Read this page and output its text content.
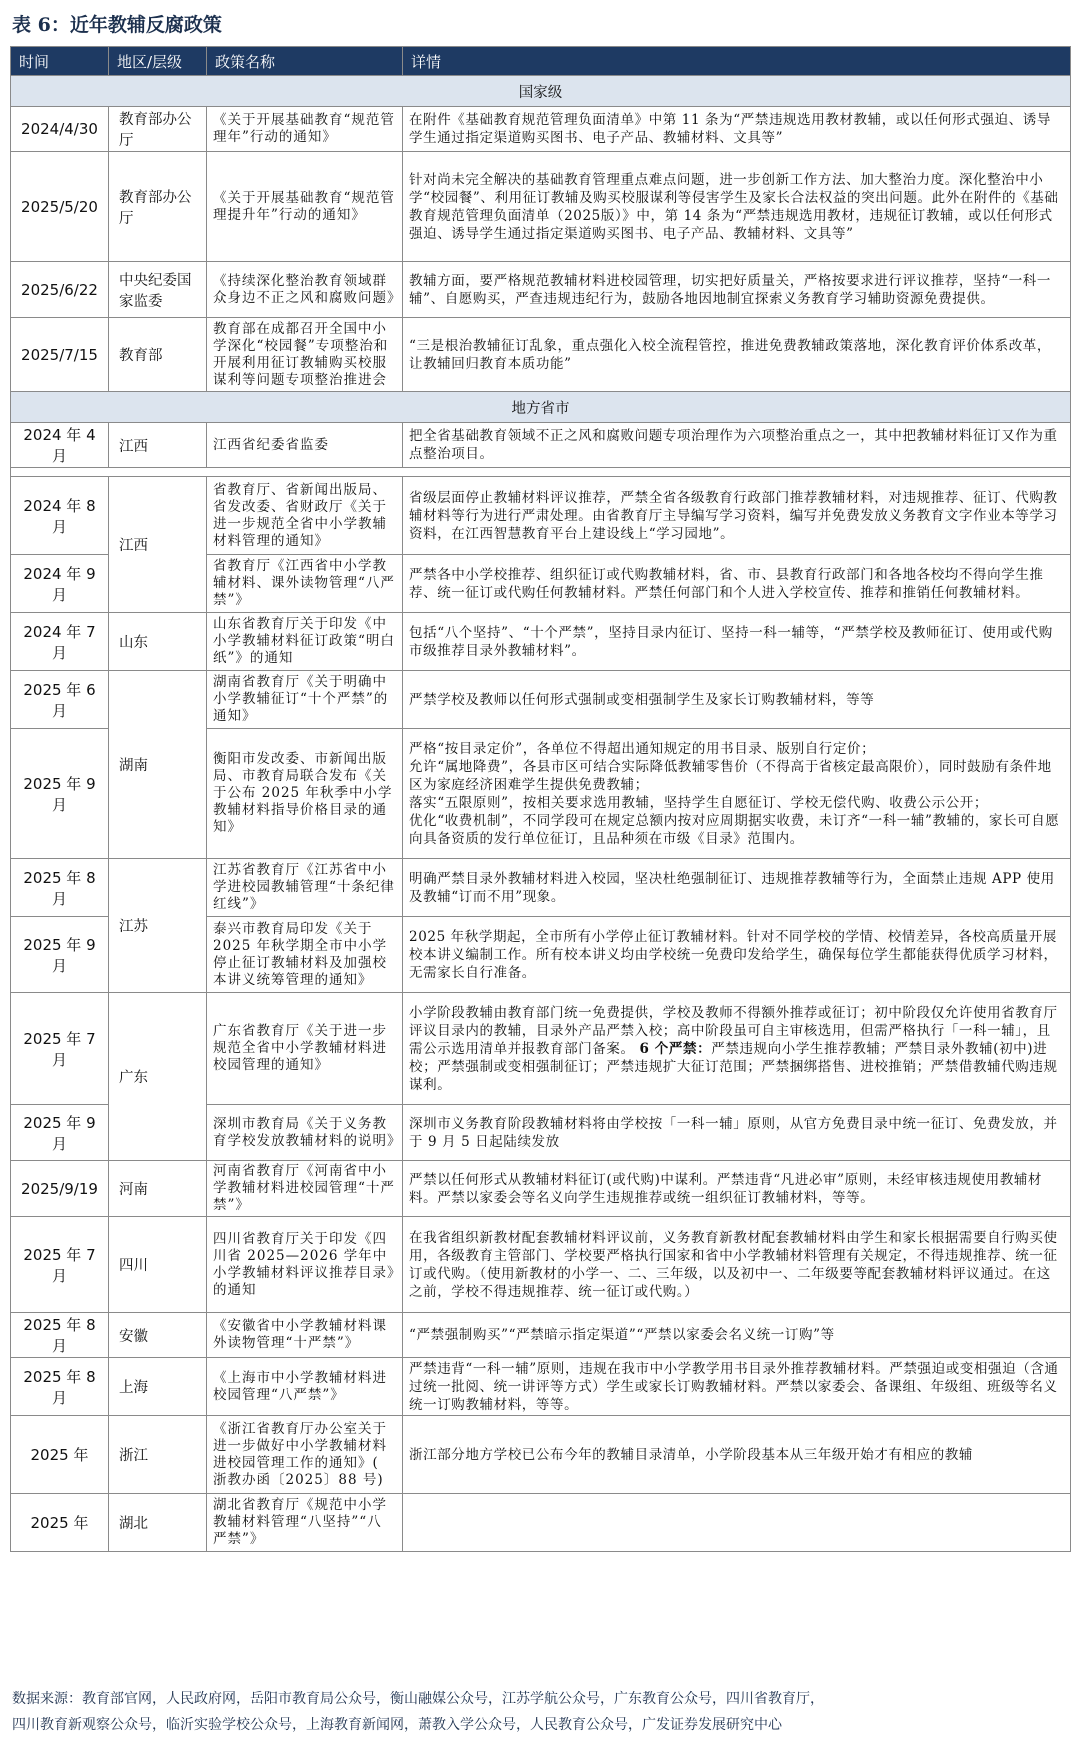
表 6：近年教辅反腐政策
时间	地区/层级	政策名称	详情
国家级			
2024/4/30	教育部办公厅	《关于开展基础教育“规范管理年”行动的通知》	在附件《基础教育规范管理负面清单》中第 11 条为“严禁违规选用教材教辅，或以任何形式强迫、诱导学生通过指定渠道购买图书、电子产品、教辅材料、文具等”
2025/5/20	教育部办公厅	《关于开展基础教育“规范管理提升年”行动的通知》	针对尚未完全解决的基础教育管理重点难点问题，进一步创新工作方法、加大整治力度。深化整治中小学“校园餐”、利用征订教辅及购买校服谋利等侵害学生及家长合法权益的突出问题。此外在附件的《基础教育规范管理负面清单（2025版）》中，第 14 条为“严禁违规选用教材，违规征订教辅，或以任何形式强迫、诱导学生通过指定渠道购买图书、电子产品、教辅材料、文具等”
2025/6/22	中央纪委国家监委	《持续深化整治教育领域群众身边不正之风和腐败问题》	教辅方面，要严格规范教辅材料进校园管理，切实把好质量关，严格按要求进行评议推荐，坚持“一科一辅”、自愿购买，严查违规违纪行为，鼓励各地因地制宜探索义务教育学习辅助资源免费提供。
2025/7/15	教育部	教育部在成都召开全国中小学深化“校园餐”专项整治和开展利用征订教辅购买校服谋利等问题专项整治推进会	“三是根治教辅征订乱象，重点强化入校全流程管控，推进免费教辅政策落地，深化教育评价体系改革，让教辅回归教育本质功能”
地方省市			
2024 年 4 月	江西	江西省纪委省监委	把全省基础教育领域不正之风和腐败问题专项治理作为六项整治重点之一，其中把教辅材料征订又作为重点整治项目。

2024 年 8 月	江西	省教育厅、省新闻出版局、省发改委、省财政厅《关于进一步规范全省中小学教辅材料管理的通知》	省级层面停止教辅材料评议推荐，严禁全省各级教育行政部门推荐教辅材料，对违规推荐、征订、代购教辅材料等行为进行严肃处理。由省教育厅主导编写学习资料，编写并免费发放义务教育文字作业本等学习资料，在江西智慧教育平台上建设线上“学习园地”。
2024 年 9 月		省教育厅《江西省中小学教辅材料、课外读物管理“八严禁”》	严禁各中小学校推荐、组织征订或代购教辅材料，省、市、县教育行政部门和各地各校均不得向学生推荐、统一征订或代购任何教辅材料。严禁任何部门和个人进入学校宣传、推荐和推销任何教辅材料。
2024 年 7 月	山东	山东省教育厅关于印发《中小学教辅材料征订政策“明白纸”》的通知	包括“八个坚持”、“十个严禁”，坚持目录内征订、坚持一科一辅等，“严禁学校及教师征订、使用或代购市级推荐目录外教辅材料”。
2025 年 6 月	湖南	湖南省教育厅《关于明确中小学教辅征订“十个严禁”的通知》	严禁学校及教师以任何形式强制或变相强制学生及家长订购教辅材料，等等
2025 年 9 月		衡阳市发改委、市新闻出版局、市教育局联合发布《关于公布 2025 年秋季中小学教辅材料指导价格目录的通知》	严格“按目录定价”，各单位不得超出通知规定的用书目录、版别自行定价；
允许“属地降费”，各县市区可结合实际降低教辅零售价（不得高于省核定最高限价），同时鼓励有条件地区为家庭经济困难学生提供免费教辅；
落实“五限原则”，按相关要求选用教辅，坚持学生自愿征订、学校无偿代购、收费公示公开；
优化“收费机制”，不同学段可在规定总额内按对应周期据实收费，未订齐“一科一辅”教辅的，家长可自愿向具备资质的发行单位征订，且品种须在市级《目录》范围内。

2025 年 8 月	江苏	江苏省教育厅《江苏省中小学进校园教辅管理“十条纪律红线”》	明确严禁目录外教辅材料进入校园，坚决杜绝强制征订、违规推荐教辅等行为，全面禁止违规 APP 使用及教辅“订而不用”现象。
2025 年 9 月		泰兴市教育局印发《关于 2025 年秋学期全市中小学停止征订教辅材料及加强校本讲义统筹管理的通知》	2025 年秋学期起，全市所有小学停止征订教辅材料。针对不同学校的学情、校情差异，各校高质量开展校本讲义编制工作。所有校本讲义均由学校统一免费印发给学生，确保每位学生都能获得优质学习材料，无需家长自行准备。
2025 年 7 月	广东	广东省教育厅《关于进一步规范全省中小学教辅材料进校园管理的通知》	小学阶段教辅由教育部门统一免费提供，学校及教师不得额外推荐或征订；初中阶段仅允许使用省教育厅评议目录内的教辅，目录外产品严禁入校；高中阶段虽可自主审核选用，但需严格执行「一科一辅」，且需公示选用清单并报教育部门备案。 6 个严禁：严禁违规向小学生推荐教辅；严禁目录外教辅(初中)进校；严禁强制或变相强制征订；严禁违规扩大征订范围；严禁捆绑搭售、进校推销；严禁借教辅代购违规谋利。
2025 年 9 月		深圳市教育局《关于义务教育学校发放教辅材料的说明》	深圳市义务教育阶段教辅材料将由学校按「一科一辅」原则，从官方免费目录中统一征订、免费发放，并于 9 月 5 日起陆续发放
2025/9/19	河南	河南省教育厅《河南省中小学教辅材料进校园管理“十严禁”》	严禁以任何形式从教辅材料征订(或代购)中谋利。严禁违背“凡进必审”原则，未经审核违规使用教辅材料。严禁以家委会等名义向学生违规推荐或统一组织征订教辅材料，等等。
2025 年 7 月	四川	四川省教育厅关于印发《四川省 2025—2026 学年中小学教辅材料评议推荐目录》的通知	在我省组织新教材配套教辅材料评议前，义务教育新教材配套教辅材料由学生和家长根据需要自行购买使用，各级教育主管部门、学校要严格执行国家和省中小学教辅材料管理有关规定，不得违规推荐、统一征订或代购。（使用新教材的小学一、二、三年级，以及初中一、二年级要等配套教辅材料评议通过。在这之前，学校不得违规推荐、统一征订或代购。）
2025 年 8 月	安徽	《安徽省中小学教辅材料课外读物管理“十严禁”》	“严禁强制购买”“严禁暗示指定渠道”“严禁以家委会名义统一订购”等
2025 年 8 月	上海	《上海市中小学教辅材料进校园管理“八严禁”》	严禁违背“一科一辅”原则，违规在我市中小学教学用书目录外推荐教辅材料。严禁强迫或变相强迫（含通过统一批阅、统一讲评等方式）学生或家长订购教辅材料。严禁以家委会、备课组、年级组、班级等名义统一订购教辅材料，等等。
2025 年	浙江	《浙江省教育厅办公室关于进一步做好中小学教辅材料进校园管理工作的通知》( 浙教办函〔2025〕88 号)	浙江部分地方学校已公布今年的教辅目录清单，小学阶段基本从三年级开始才有相应的教辅
2025 年	湖北	湖北省教育厅《规范中小学教辅材料管理“八坚持”“八严禁”》	
数据来源：教育部官网，人民政府网，岳阳市教育局公众号，衡山融媒公众号，江苏学航公众号，广东教育公众号，四川省教育厅，
四川教育新观察公众号，临沂实验学校公众号，上海教育新闻网，萧教入学公众号，人民教育公众号，广发证券发展研究中心
